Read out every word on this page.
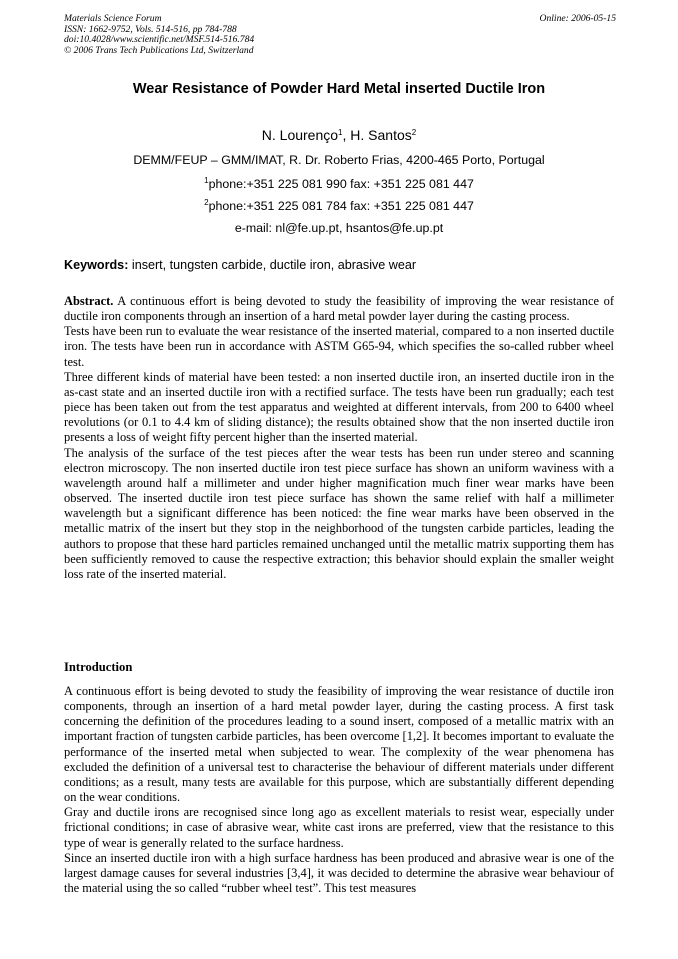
Materials Science Forum
ISSN: 1662-9752, Vols. 514-516, pp 784-788
doi:10.4028/www.scientific.net/MSF.514-516.784
© 2006 Trans Tech Publications Ltd, Switzerland
Online: 2006-05-15
Wear Resistance of Powder Hard Metal inserted Ductile Iron
N. Lourenço$^1$, H. Santos$^2$
DEMM/FEUP – GMM/IMAT, R. Dr. Roberto Frias, 4200-465 Porto, Portugal
$^1$phone:+351 225 081 990 fax: +351 225 081 447
$^2$phone:+351 225 081 784 fax: +351 225 081 447
e-mail: nl@fe.up.pt, hsantos@fe.up.pt
Keywords: insert, tungsten carbide, ductile iron, abrasive wear

Abstract. A continuous effort is being devoted to study the feasibility of improving the wear resistance of ductile iron components through an insertion of a hard metal powder layer during the casting process.

Tests have been run to evaluate the wear resistance of the inserted material, compared to a non inserted ductile iron. The tests have been run in accordance with ASTM G65-94, which specifies the so-called rubber wheel test.

Three different kinds of material have been tested: a non inserted ductile iron, an inserted ductile iron in the as-cast state and an inserted ductile iron with a rectified surface. The tests have been run gradually; each test piece has been taken out from the test apparatus and weighted at different intervals, from 200 to 6400 wheel revolutions (or 0.1 to 4.4 km of sliding distance); the results obtained show that the non inserted ductile iron presents a loss of weight fifty percent higher than the inserted material.

The analysis of the surface of the test pieces after the wear tests has been run under stereo and scanning electron microscopy. The non inserted ductile iron test piece surface has shown an uniform waviness with a wavelength around half a millimeter and under higher magnification much finer wear marks have been observed. The inserted ductile iron test piece surface has shown the same relief with half a millimeter wavelength but a significant difference has been noticed: the fine wear marks have been observed in the metallic matrix of the insert but they stop in the neighborhood of the tungsten carbide particles, leading the authors to propose that these hard particles remained unchanged until the metallic matrix supporting them has been sufficiently removed to cause the respective extraction; this behavior should explain the smaller weight loss rate of the inserted material.

Introduction

A continuous effort is being devoted to study the feasibility of improving the wear resistance of ductile iron components, through an insertion of a hard metal powder layer, during the casting process. A first task concerning the definition of the procedures leading to a sound insert, composed of a metallic matrix with an important fraction of tungsten carbide particles, has been overcome [1,2]. It becomes important to evaluate the performance of the inserted metal when subjected to wear. The complexity of the wear phenomena has excluded the definition of a universal test to characterise the behaviour of different materials under different conditions; as a result, many tests are available for this purpose, which are substantially different depending on the wear conditions.

Gray and ductile irons are recognised since long ago as excellent materials to resist wear, especially under frictional conditions; in case of abrasive wear, white cast irons are preferred, view that the resistance to this type of wear is generally related to the surface hardness.

Since an inserted ductile iron with a high surface hardness has been produced and abrasive wear is one of the largest damage causes for several industries [3,4], it was decided to determine the abrasive wear behaviour of the material using the so called “rubber wheel test”. This test measures
